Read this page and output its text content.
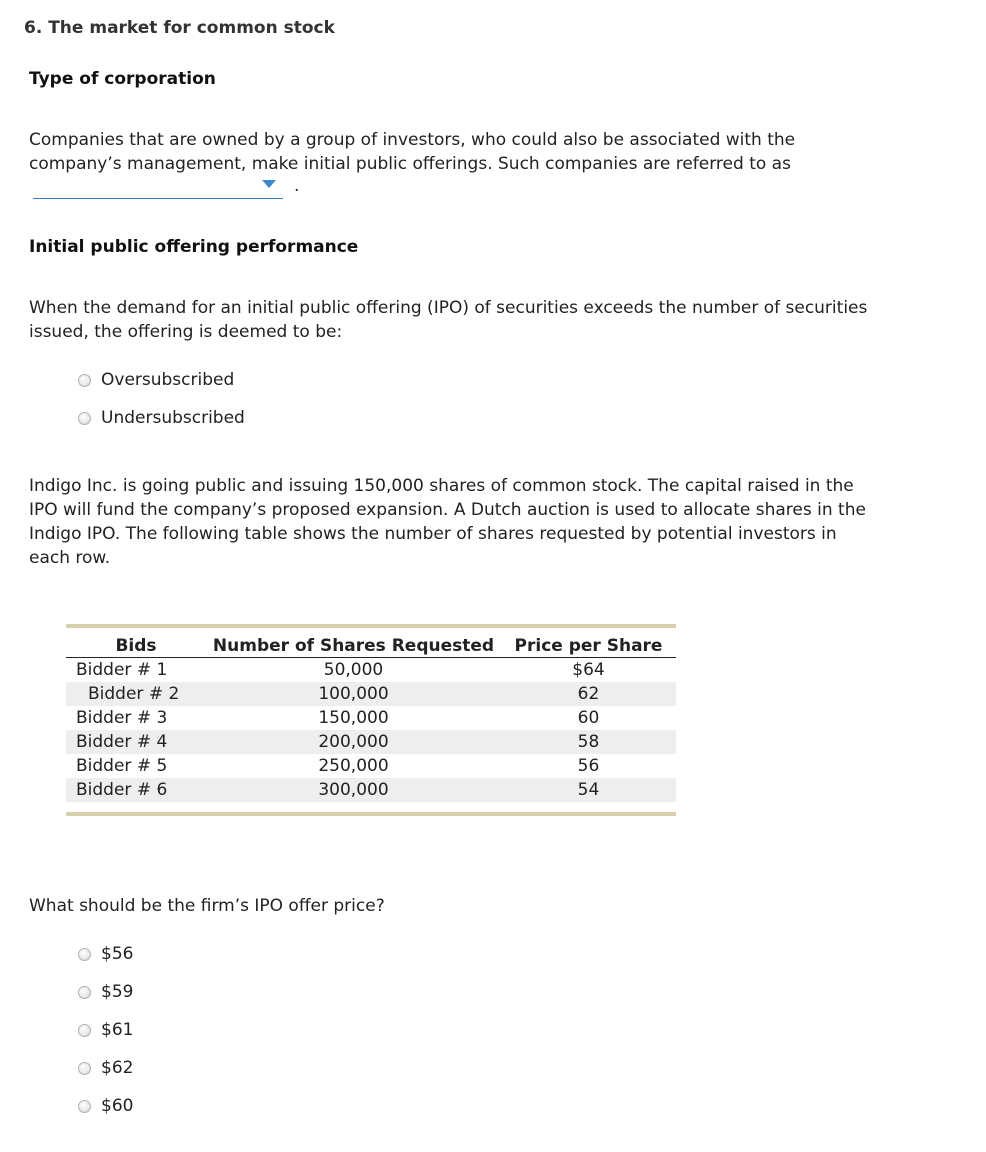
6. The market for common stock
Type of corporation
Companies that are owned by a group of investors, who could also be associated with the
company’s management, make initial public offerings. Such companies are referred to as
.
Initial public offering performance
When the demand for an initial public offering (IPO) of securities exceeds the number of securities
issued, the offering is deemed to be:
Oversubscribed
Undersubscribed
Indigo Inc. is going public and issuing 150,000 shares of common stock. The capital raised in the
IPO will fund the company’s proposed expansion. A Dutch auction is used to allocate shares in the
Indigo IPO. The following table shows the number of shares requested by potential investors in
each row.
Bids	Number of Shares Requested	Price per Share
Bidder # 1	50,000	$64
Bidder # 2	100,000	62
Bidder # 3	150,000	60
Bidder # 4	200,000	58
Bidder # 5	250,000	56
Bidder # 6	300,000	54
What should be the firm’s IPO offer price?
$56
$59
$61
$62
$60
